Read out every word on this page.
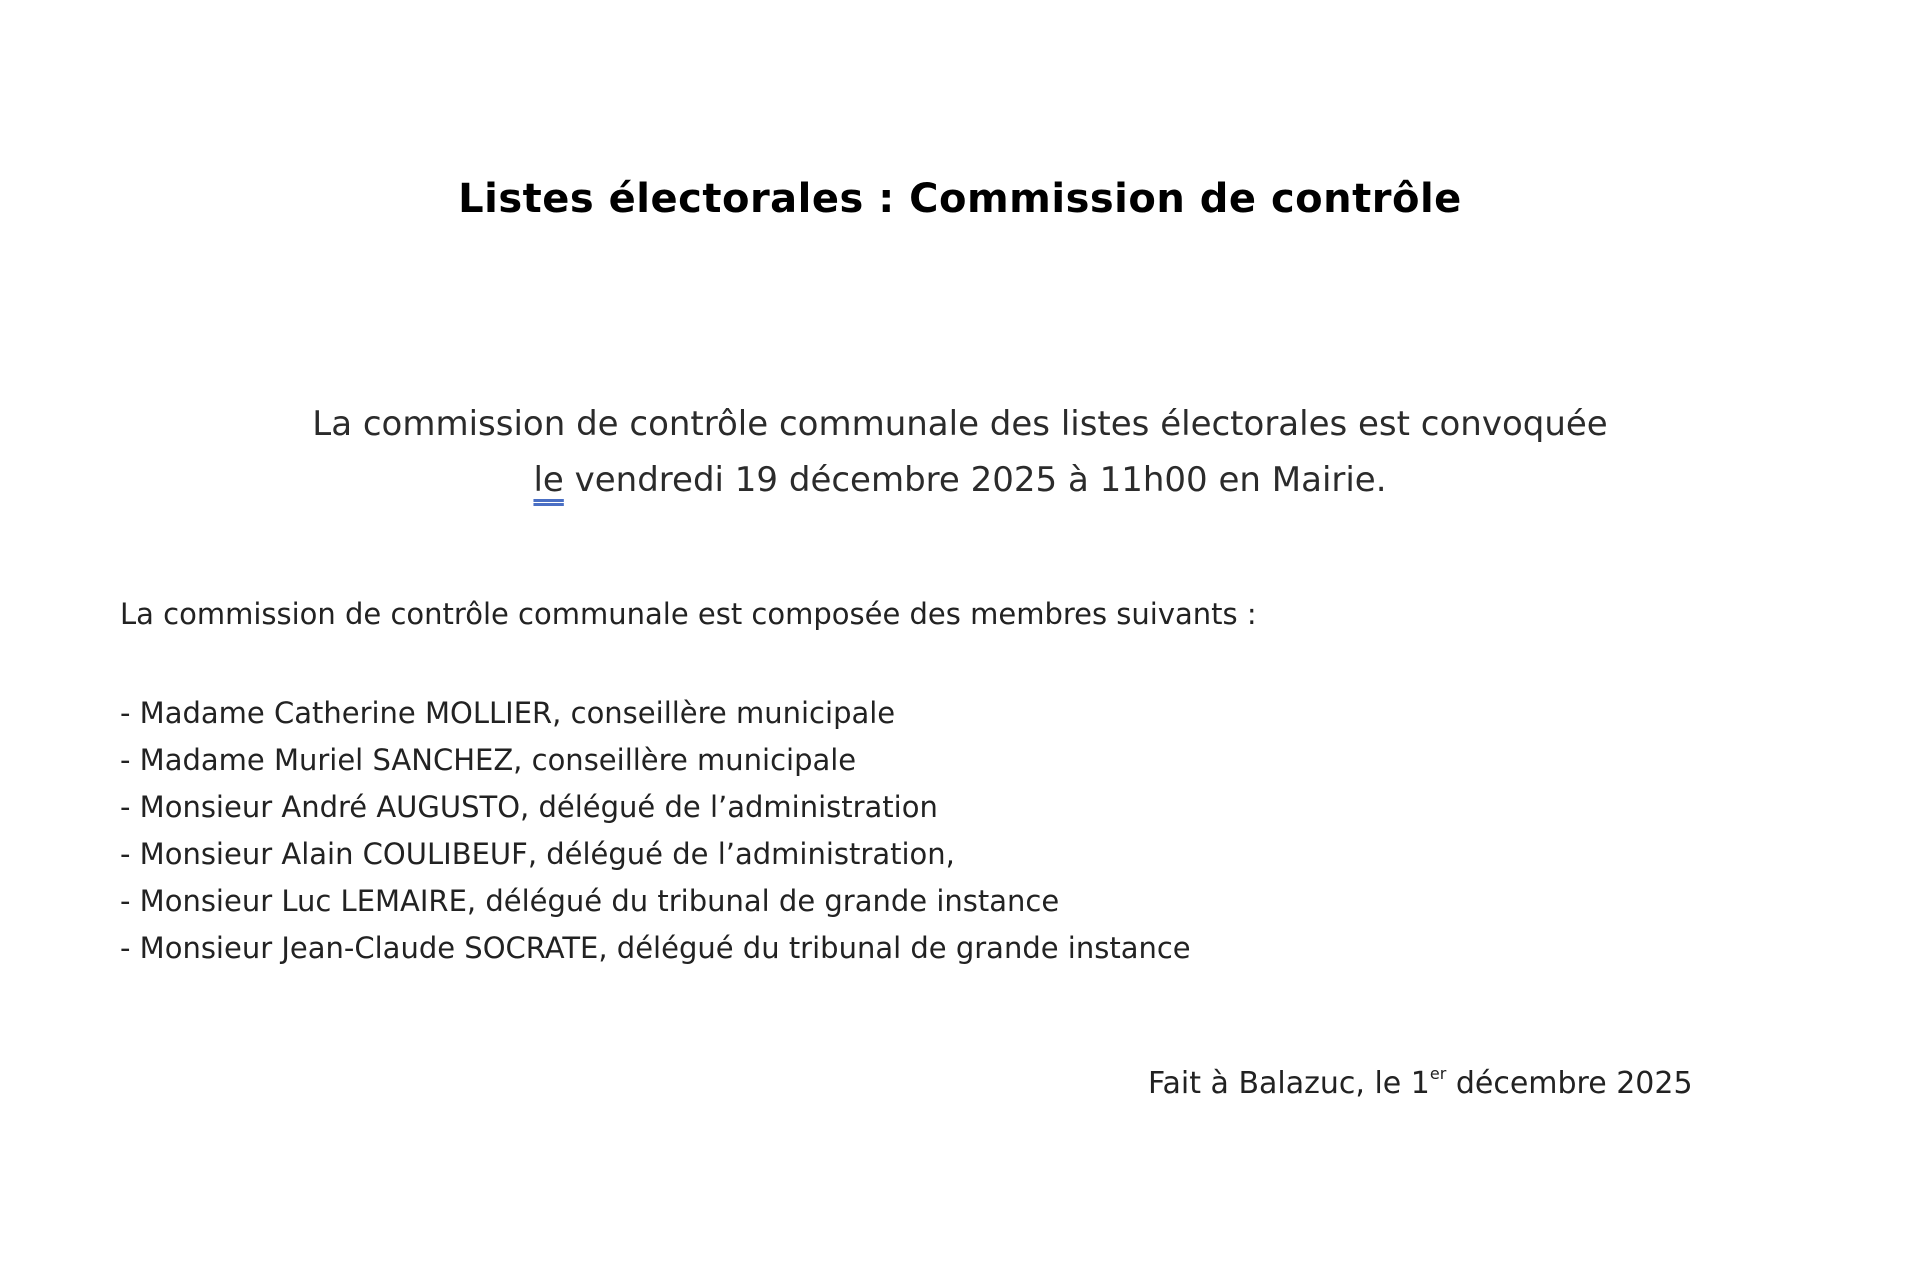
Listes électorales : Commission de contrôle
La commission de contrôle communale des listes électorales est convoquée
le vendredi 19 décembre 2025 à 11h00 en Mairie.
La commission de contrôle communale est composée des membres suivants :
- Madame Catherine MOLLIER, conseillère municipale
- Madame Muriel SANCHEZ, conseillère municipale
- Monsieur André AUGUSTO, délégué de l’administration
- Monsieur Alain COULIBEUF, délégué de l’administration,
- Monsieur Luc LEMAIRE, délégué du tribunal de grande instance
- Monsieur Jean-Claude SOCRATE, délégué du tribunal de grande instance
Fait à Balazuc, le 1er décembre 2025
